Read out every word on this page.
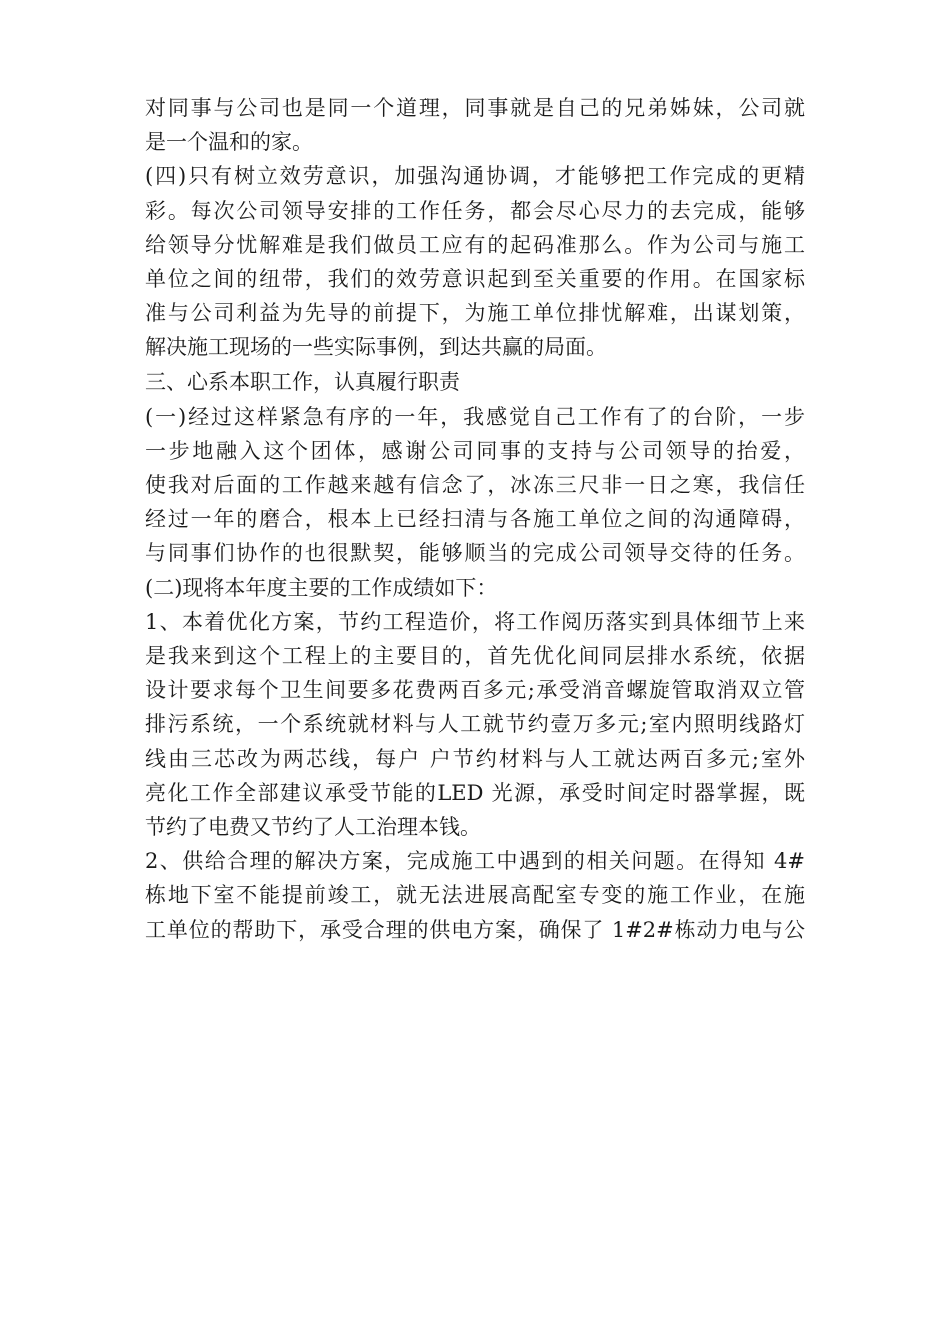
对同事与公司也是同一个道理，同事就是自己的兄弟姊妹，公司就
是一个温和的家。
(四)只有树立效劳意识，加强沟通协调，才能够把工作完成的更精
彩。每次公司领导安排的工作任务，都会尽心尽力的去完成，能够
给领导分忧解难是我们做员工应有的起码准那么。作为公司与施工
单位之间的纽带，我们的效劳意识起到至关重要的作用。在国家标
准与公司利益为先导的前提下，为施工单位排忧解难，出谋划策，
解决施工现场的一些实际事例，到达共赢的局面。
三、心系本职工作，认真履行职责
(一)经过这样紧急有序的一年，我感觉自己工作有了的台阶，一步
一步地融入这个团体，感谢公司同事的支持与公司领导的抬爱，
使我对后面的工作越来越有信念了，冰冻三尺非一日之寒，我信任
经过一年的磨合，根本上已经扫清与各施工单位之间的沟通障碍，
与同事们协作的也很默契，能够顺当的完成公司领导交待的任务。
(二)现将本年度主要的工作成绩如下：
1、本着优化方案，节约工程造价，将工作阅历落实到具体细节上来
是我来到这个工程上的主要目的，首先优化间同层排水系统，依据
设计要求每个卫生间要多花费两百多元;承受消音螺旋管取消双立管
排污系统，一个系统就材料与人工就节约壹万多元;室内照明线路灯
线由三芯改为两芯线，每户 户节约材料与人工就达两百多元;室外
亮化工作全部建议承受节能的LED 光源，承受时间定时器掌握，既
节约了电费又节约了人工治理本钱。
2、供给合理的解决方案，完成施工中遇到的相关问题。在得知 4#
栋地下室不能提前竣工，就无法进展高配室专变的施工作业，在施
工单位的帮助下，承受合理的供电方案，确保了 1#2#栋动力电与公
